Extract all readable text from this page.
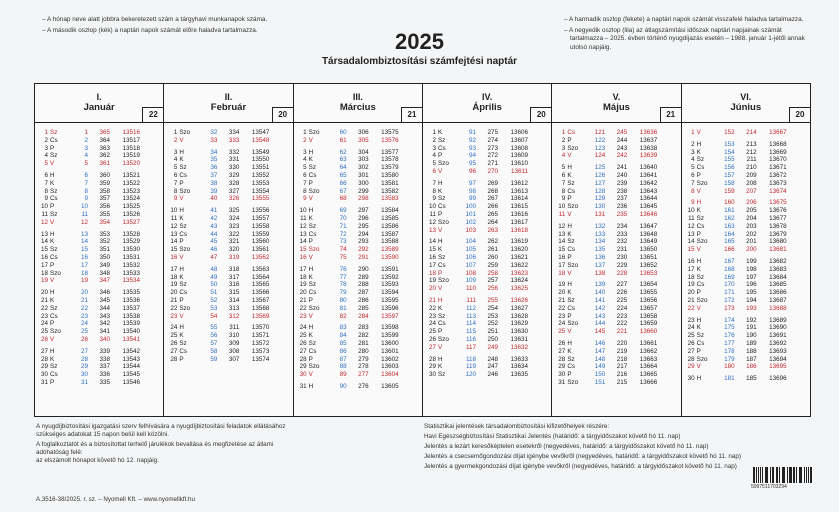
– A hónap neve alatt jobbra bekeretezett szám a tárgyhavi munkanapok száma.

– A második oszlop (kék) a naptári napok számát előre haladva tartalmazza.

– A harmadik oszlop (fekete) a naptári napok számát visszafelé haladva tartalmazza.

– A negyedik oszlop (lila) az átlagszámítási időszak naptári napjainak számát tartalmazza – 2025. évben történő nyugdíjazás esetén – 1988. január 1-jétől annak utolsó napjáig.

2025
Társadalombiztosítási számfejtési naptár
I.
Január
22
1 Sz	1	365	13516
2 Cs	2	364	13517
3 P	3	363	13518
4 Sz	4	362	13519
5 V	5	361	13520
6 H	6	360	13521
7 K	7	359	13522
8 Sz	8	358	13523
9 Cs	9	357	13524
10 P	10	356	13525
11 Sz	11	355	13526
12 V	12	354	13527
13 H	13	353	13528
14 K	14	352	13529
15 Sz	15	351	13530
16 Cs	16	350	13531
17 P	17	349	13532
18 Szo	18	348	13533
19 V	19	347	13534
20 H	20	346	13535
21 K	21	345	13536
22 Sz	22	344	13537
23 Cs	23	343	13538
24 P	24	342	13539
25 Szo	25	341	13540
26 V	26	340	13541
27 H	27	339	13542
28 K	28	338	13543
29 Sz	29	337	13544
30 Cs	30	336	13545
31 P	31	335	13546
II.
Február
20
1 Szo	32	334	13547
2 V	33	333	13548
3 H	34	332	13549
4 K	35	331	13550
5 Sz	36	330	13551
6 Cs	37	329	13552
7 P	38	328	13553
8 Szo	39	327	13554
9 V	40	326	13555
10 H	41	325	13556
11 K	42	324	13557
12 Sz	43	323	13558
13 Cs	44	322	13559
14 P	45	321	13560
15 Szo	46	320	13561
16 V	47	319	13562
17 H	48	318	13563
18 K	49	317	13564
19 Sz	50	316	13565
20 Cs	51	315	13566
21 P	52	314	13567
22 Szo	53	313	13568
23 V	54	312	13569
24 H	55	311	13570
25 K	56	310	13571
26 Sz	57	309	13572
27 Cs	58	308	13573
28 P	59	307	13574
III.
Március
21
1 Szo	60	306	13575
2 V	61	305	13576
3 H	62	304	13577
4 K	63	303	13578
5 Sz	64	302	13579
6 Cs	65	301	13580
7 P	66	300	13581
8 Szo	67	299	13582
9 V	68	298	13583
10 H	69	297	13584
11 K	70	296	13585
12 Sz	71	295	13586
13 Cs	72	294	13587
14 P	73	293	13588
15 Szo	74	292	13589
16 V	75	291	13590
17 H	76	290	13591
18 K	77	289	13592
19 Sz	78	288	13593
20 Cs	79	287	13594
21 P	80	286	13595
22 Szo	81	285	13596
23 V	82	284	13597
24 H	83	283	13598
25 K	84	282	13599
26 Sz	85	281	13600
27 Cs	86	280	13601
28 P	87	279	13602
29 Szo	88	278	13603
30 V	89	277	13604
31 H	90	276	13605
IV.
Április
20
1 K	91	275	13606
2 Sz	92	274	13607
3 Cs	93	273	13608
4 P	94	272	13609
5 Szo	95	271	13610
6 V	96	270	13611
7 H	97	269	13612
8 K	98	268	13613
9 Sz	99	267	13614
10 Cs	100	266	13615
11 P	101	265	13616
12 Szo	102	264	13617
13 V	103	263	13618
14 H	104	262	13619
15 K	105	261	13620
16 Sz	106	260	13621
17 Cs	107	259	13622
18 P	108	258	13623
19 Szo	109	257	13624
20 V	110	256	13625
21 H	111	255	13626
22 K	112	254	13627
23 Sz	113	253	13628
24 Cs	114	252	13629
25 P	115	251	13630
26 Szo	116	250	13631
27 V	117	249	13632
28 H	118	248	13633
29 K	119	247	13634
30 Sz	120	246	13635
V.
Május
21
1 Cs	121	245	13636
2 P	122	244	13637
3 Szo	123	243	13638
4 V	124	242	13639
5 H	125	241	13640
6 K	126	240	13641
7 Sz	127	239	13642
8 Cs	128	238	13643
9 P	129	237	13644
10 Szo	130	236	13645
11 V	131	235	13646
12 H	132	234	13647
13 K	133	233	13648
14 Sz	134	232	13649
15 Cs	135	231	13650
16 P	136	230	13651
17 Szo	137	229	13652
18 V	138	228	13653
19 H	139	227	13654
20 K	140	226	13655
21 Sz	141	225	13656
22 Cs	142	224	13657
23 P	143	223	13658
24 Szo	144	222	13659
25 V	145	221	13660
26 H	146	220	13661
27 K	147	219	13662
28 Sz	148	218	13663
29 Cs	149	217	13664
30 P	150	216	13665
31 Szo	151	215	13666
VI.
Június
20
1 V	152	214	13667
2 H	153	213	13668
3 K	154	212	13669
4 Sz	155	211	13670
5 Cs	156	210	13671
6 P	157	209	13672
7 Szo	158	208	13673
8 V	159	207	13674
9 H	160	206	13675
10 K	161	205	13676
11 Sz	162	204	13677
12 Cs	163	203	13678
13 P	164	202	13679
14 Szo	165	201	13680
15 V	166	200	13681
16 H	167	199	13682
17 K	168	198	13683
18 Sz	169	197	13684
19 Cs	170	196	13685
20 P	171	195	13686
21 Szo	172	194	13687
22 V	173	193	13688
23 H	174	192	13689
24 K	175	191	13690
25 Sz	176	190	13691
26 Cs	177	189	13692
27 P	178	188	13693
28 Szo	179	187	13694
29 V	180	186	13695
30 H	181	185	13696

A nyugdíjbiztosítási igazgatási szerv felhívására a nyugdíjbiztosítási feladatok ellátásához szükséges adatokat 15 napon belül kell közölni.

A foglalkoztatót és a biztosítottat terhelő járulékok bevallása és megfizetése az állami adóhatóság felé:

az elszámolt hónapot követő hó 12. napjáig.

Statisztikai jelentések társadalombiztosítási kifizetőhelyek részére:

Havi Egészségbiztosítási Statisztikai Jelentés (határidő: a tárgyidőszakot követő hó 11. nap)

Jelentés a lezárt keresőképtelen esetekről (negyedéves, határidő: a tárgyidőszakot követő hó 11. nap)

Jelentés a csecsemőgondozási díjat igénybe vevőkről (negyedéves, határidő: a tárgyidőszakot követő hó 11. nap)

Jelentés a gyermekgondozási díjat igénybe vevőkről (negyedéves, határidő: a tárgyidőszakot követő hó 11. nap)

5997511703294
A.3516-38/2025. r. sz. – Nyomell Kft. – www.nyomellkft.hu
